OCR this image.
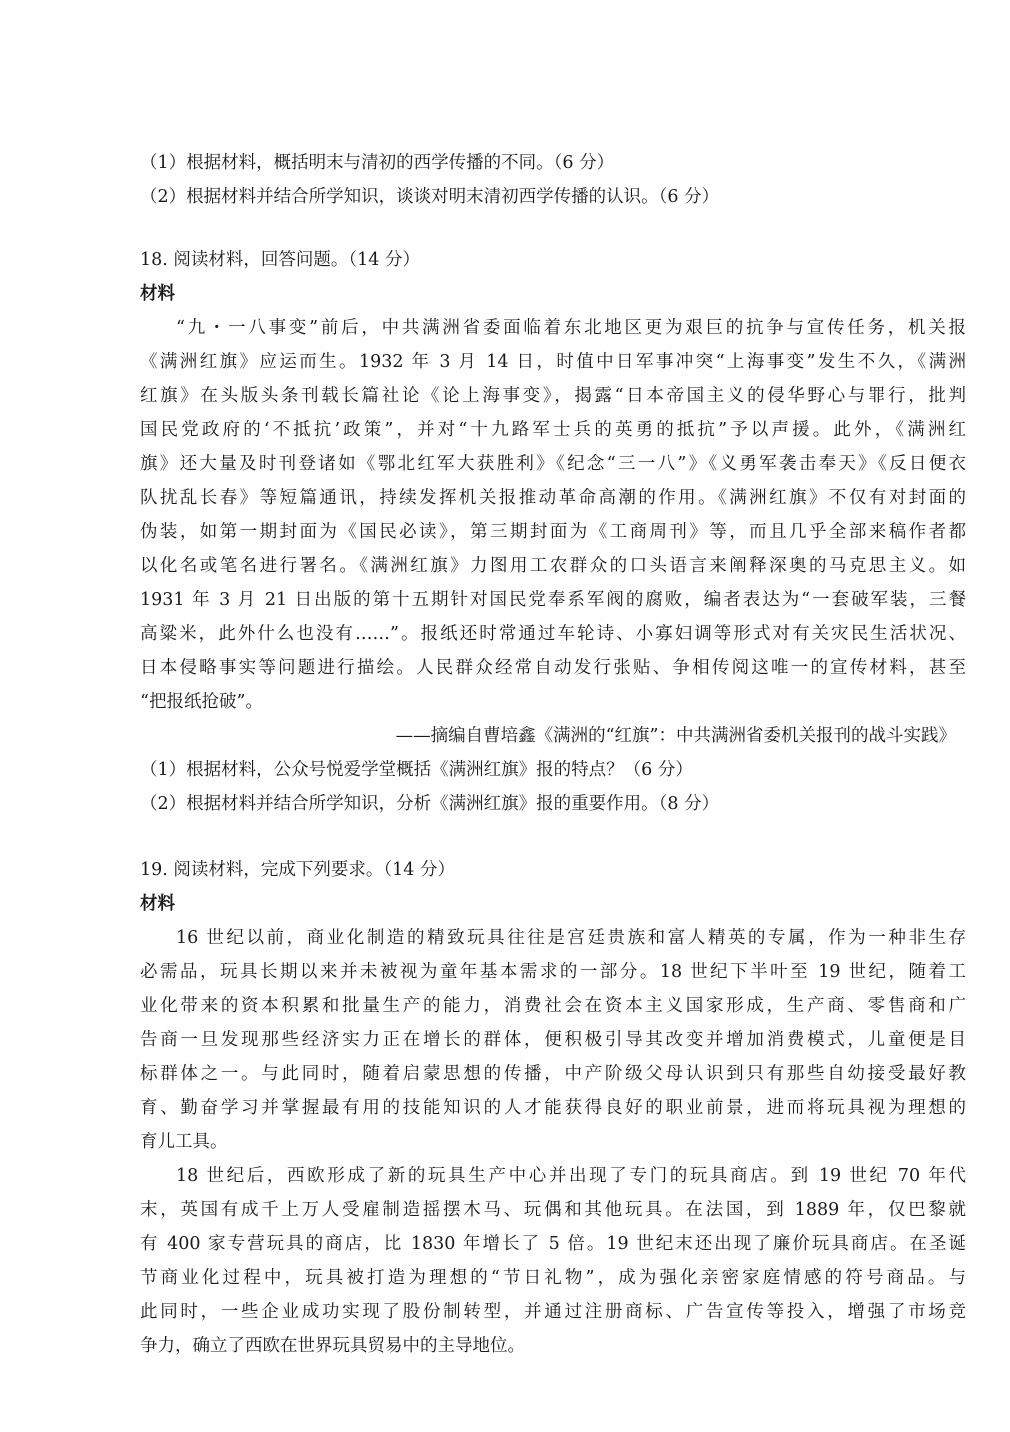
（1）根据材料，概括明末与清初的西学传播的不同。（6 分）

（2）根据材料并结合所学知识，谈谈对明末清初西学传播的认识。（6 分）

18. 阅读材料，回答问题。（14 分）

材料

“九・一八事变”前后，中共满洲省委面临着东北地区更为艰巨的抗争与宣传任务，机关报
《满洲红旗》应运而生。1932 年 3 月 14 日，时值中日军事冲突“上海事变”发生不久，《满洲
红旗》在头版头条刊载长篇社论《论上海事变》，揭露“日本帝国主义的侵华野心与罪行，批判
国民党政府的‘不抵抗’政策”，并对“十九路军士兵的英勇的抵抗”予以声援。此外，《满洲红
旗》还大量及时刊登诸如《鄂北红军大获胜利》《纪念“三一八”》《义勇军袭击奉天》《反日便衣
队扰乱长春》等短篇通讯，持续发挥机关报推动革命高潮的作用。《满洲红旗》不仅有对封面的
伪装，如第一期封面为《国民必读》，第三期封面为《工商周刊》等，而且几乎全部来稿作者都
以化名或笔名进行署名。《满洲红旗》力图用工农群众的口头语言来阐释深奥的马克思主义。如
1931 年 3 月 21 日出版的第十五期针对国民党奉系军阀的腐败，编者表达为“一套破军装，三餐
高粱米，此外什么也没有……”。报纸还时常通过车轮诗、小寡妇调等形式对有关灾民生活状况、
日本侵略事实等问题进行描绘。人民群众经常自动发行张贴、争相传阅这唯一的宣传材料，甚至
“把报纸抢破”。

——摘编自曹培鑫《满洲的“红旗”：中共满洲省委机关报刊的战斗实践》

（1）根据材料，公众号悦爱学堂概括《满洲红旗》报的特点？（6 分）

（2）根据材料并结合所学知识，分析《满洲红旗》报的重要作用。（8 分）

19. 阅读材料，完成下列要求。（14 分）

材料

16 世纪以前，商业化制造的精致玩具往往是宫廷贵族和富人精英的专属，作为一种非生存
必需品，玩具长期以来并未被视为童年基本需求的一部分。18 世纪下半叶至 19 世纪，随着工
业化带来的资本积累和批量生产的能力，消费社会在资本主义国家形成，生产商、零售商和广
告商一旦发现那些经济实力正在增长的群体，便积极引导其改变并增加消费模式，儿童便是目
标群体之一。与此同时，随着启蒙思想的传播，中产阶级父母认识到只有那些自幼接受最好教
育、勤奋学习并掌握最有用的技能知识的人才能获得良好的职业前景，进而将玩具视为理想的
育儿工具。
18 世纪后，西欧形成了新的玩具生产中心并出现了专门的玩具商店。到 19 世纪 70 年代
末，英国有成千上万人受雇制造摇摆木马、玩偶和其他玩具。在法国，到 1889 年，仅巴黎就
有 400 家专营玩具的商店，比 1830 年增长了 5 倍。19 世纪末还出现了廉价玩具商店。在圣诞
节商业化过程中，玩具被打造为理想的“节日礼物”，成为强化亲密家庭情感的符号商品。与
此同时，一些企业成功实现了股份制转型，并通过注册商标、广告宣传等投入，增强了市场竞
争力，确立了西欧在世界玩具贸易中的主导地位。
